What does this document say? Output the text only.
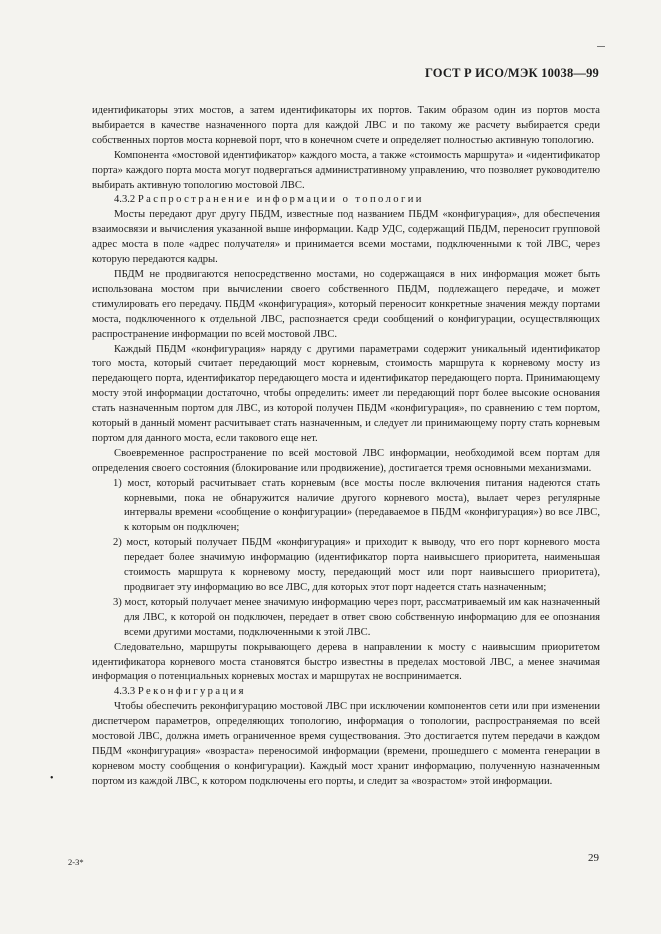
ГОСТ Р ИСО/МЭК 10038—99

идентификаторы этих мостов, а затем идентификаторы их портов. Таким образом один из портов моста выбирается в качестве назначенного порта для каждой ЛВС и по такому же расчету выбирается среди собственных портов моста корневой порт, что в конечном счете и определяет полностью активную топологию.

Компонента «мостовой идентификатор» каждого моста, а также «стоимость маршрута» и «идентификатор порта» каждого порта моста могут подвергаться административному управлению, что позволяет руководителю выбирать активную топологию мостовой ЛВС.

4.3.2 Распространение информации о топологии

Мосты передают друг другу ПБДМ, известные под названием ПБДМ «конфигурация», для обеспечения взаимосвязи и вычисления указанной выше информации. Кадр УДС, содержащий ПБДМ, переносит групповой адрес моста в поле «адрес получателя» и принимается всеми мостами, подключенными к той ЛВС, через которую передаются кадры.

ПБДМ не продвигаются непосредственно мостами, но содержащаяся в них информация может быть использована мостом при вычислении своего собственного ПБДМ, подлежащего передаче, и может стимулировать его передачу. ПБДМ «конфигурация», который переносит конкретные значения между портами моста, подключенного к отдельной ЛВС, распознается среди сообщений о конфигурации, осуществляющих распространение информации по всей мостовой ЛВС.

Каждый ПБДМ «конфигурация» наряду с другими параметрами содержит уникальный идентификатор того моста, который считает передающий мост корневым, стоимость маршрута к корневому мосту из передающего порта, идентификатор передающего моста и идентификатор передающего порта. Принимающему мосту этой информации достаточно, чтобы определить: имеет ли передающий порт более высокие основания стать назначенным портом для ЛВС, из которой получен ПБДМ «конфигурация», по сравнению с тем портом, который в данный момент расчитывает стать назначенным, и следует ли принимающему порту стать корневым портом для данного моста, если такового еще нет.

Своевременное распространение по всей мостовой ЛВС информации, необходимой всем портам для определения своего состояния (блокирование или продвижение), достигается тремя основными механизмами.

1) мост, который расчитывает стать корневым (все мосты после включения питания надеются стать корневыми, пока не обнаружится наличие другого корневого моста), вылает через регулярные интервалы времени «сообщение о конфигурации» (передаваемое в ПБДМ «конфигурация») во все ЛВС, к которым он подключен;

2) мост, который получает ПБДМ «конфигурация» и приходит к выводу, что его порт корневого моста передает более значимую информацию (идентификатор порта наивысшего приоритета, наименьшая стоимость маршрута к корневому мосту, передающий мост или порт наивысшего приоритета), продвигает эту информацию во все ЛВС, для которых этот порт надеется стать назначенным;

3) мост, который получает менее значимую информацию через порт, рассматриваемый им как назначенный для ЛВС, к которой он подключен, передает в ответ свою собственную информацию для ее опознания всеми другими мостами, подключенными к этой ЛВС.

Следовательно, маршруты покрывающего дерева в направлении к мосту с наивысшим приоритетом идентификатора корневого моста становятся быстро известны в пределах мостовой ЛВС, а менее значимая информация о потенциальных корневых мостах и маршрутах не воспринимается.

4.3.3 Реконфигурация

Чтобы обеспечить реконфигурацию мостовой ЛВС при исключении компонентов сети или при изменении диспетчером параметров, определяющих топологию, информация о топологии, распространяемая по всей мостовой ЛВС, должна иметь ограниченное время существования. Это достигается путем передачи в каждом ПБДМ «конфигурация» «возраста» переносимой информации (времени, прошедшего с момента генерации в корневом мосту сообщения о конфигурации). Каждый мост хранит информацию, полученную назначенным портом из каждой ЛВС, к котором подключены его порты, и следит за «возрастом» этой информации.

•
2-3*	29
